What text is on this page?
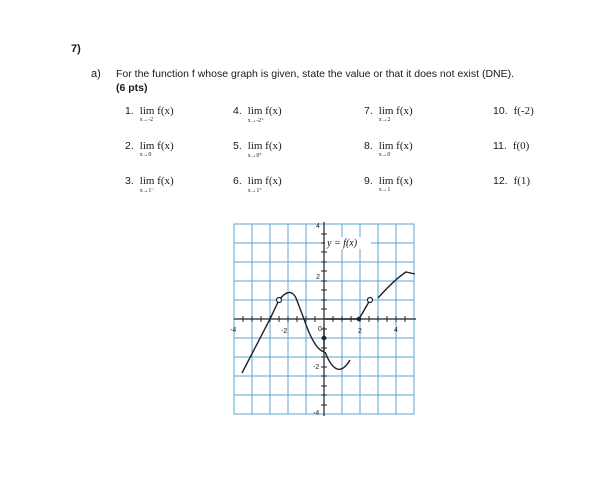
7)
a) For the function f whose graph is given, state the value or that it does not exist (DNE).
(6 pts)
1. lim f(x)
x→-2
4. lim f(x)
x→-2⁺
7. lim f(x)
x→2
10. f(-2)
2. lim f(x)
x→0
5. lim f(x)
x→0⁺
8. lim f(x)
x→0
11. f(0)
3. lim f(x)
x→1⁻
6. lim f(x)
x→1⁺
9. lim f(x)
x→1
12. f(1)
-4	-2	0	2	4
4
2
-2
-4
y = f(x)
